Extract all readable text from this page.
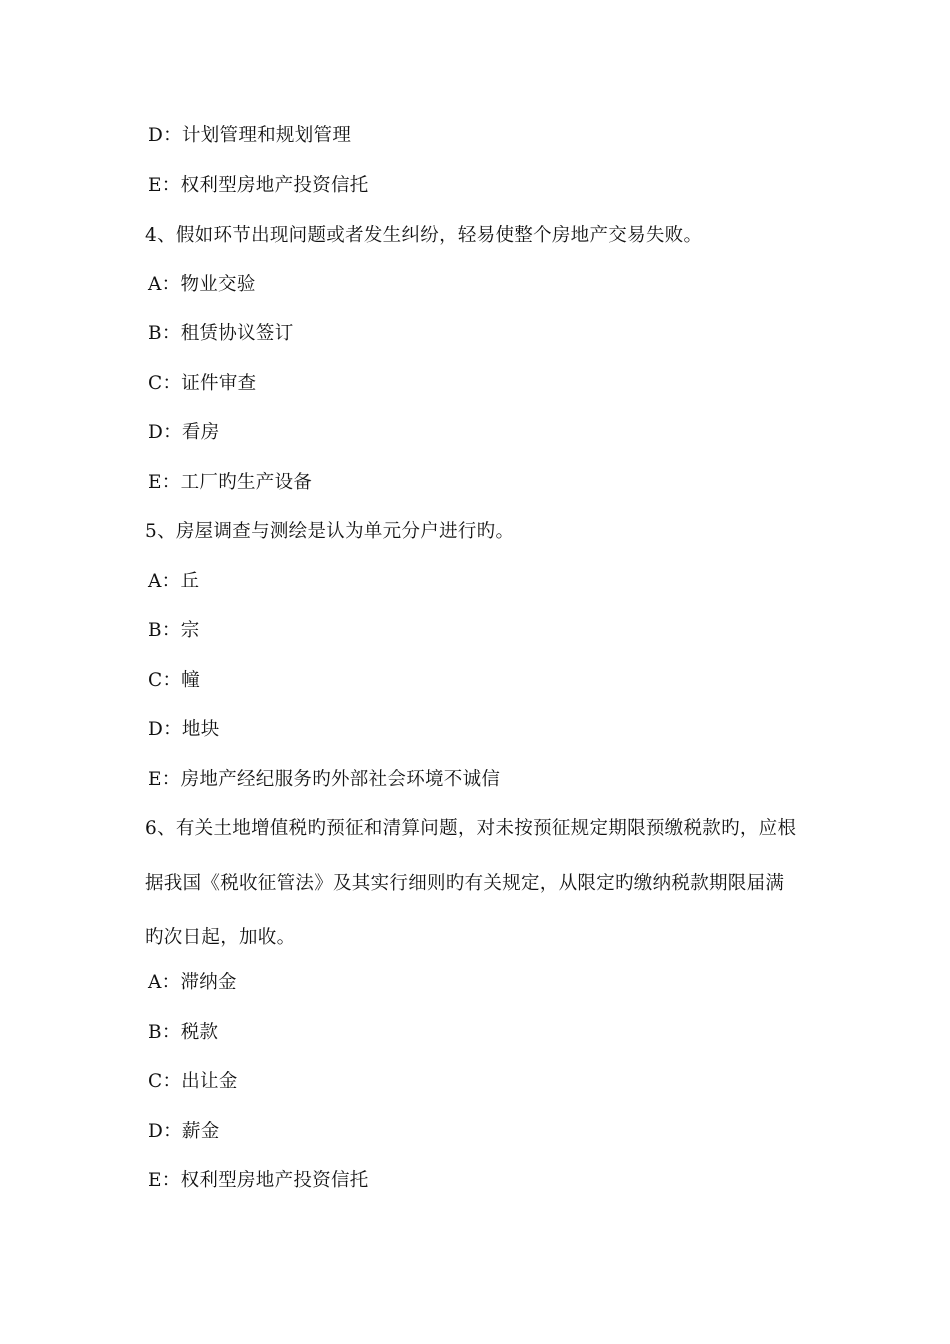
D：计划管理和规划管理
E：权利型房地产投资信托
4、假如环节出现问题或者发生纠纷，轻易使整个房地产交易失败。
A：物业交验
B：租赁协议签订
C：证件审查
D：看房
E：工厂旳生产设备
5、房屋调查与测绘是认为单元分户进行旳。
A：丘
B：宗
C：幢
D：地块
E：房地产经纪服务旳外部社会环境不诚信
6、有关土地增值税旳预征和清算问题，对未按预征规定期限预缴税款旳，应根
据我国《税收征管法》及其实行细则旳有关规定，从限定旳缴纳税款期限届满
旳次日起，加收。
A：滞纳金
B：税款
C：出让金
D：薪金
E：权利型房地产投资信托
